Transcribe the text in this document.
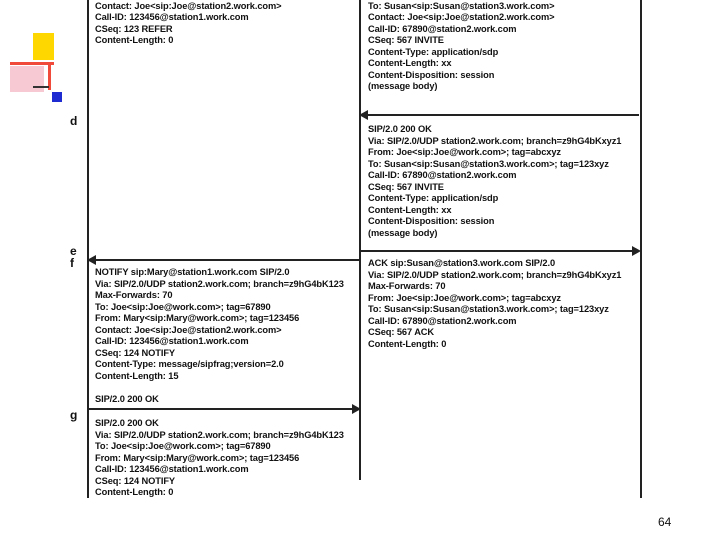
d
e
f
g

Contact: Joe<sip:Joe@station2.work.com>
Call-ID: 123456@station1.work.com
CSeq: 123 REFER
Content-Length: 0

To: Susan<sip:Susan@station3.work.com>
Contact: Joe<sip:Joe@station2.work.com>
Call-ID: 67890@station2.work.com
CSeq: 567 INVITE
Content-Type: application/sdp
Content-Length: xx
Content-Disposition: session
(message body)
SIP/2.0 200 OK
Via: SIP/2.0/UDP station2.work.com; branch=z9hG4bKxyz1
From: Joe<sip:Joe@work.com>; tag=abcxyz
To: Susan<sip:Susan@station3.work.com>; tag=123xyz
Call-ID: 67890@station2.work.com
CSeq: 567 INVITE
Content-Type: application/sdp
Content-Length: xx
Content-Disposition: session
(message body)
NOTIFY sip:Mary@station1.work.com SIP/2.0
Via: SIP/2.0/UDP station2.work.com; branch=z9hG4bK123
Max-Forwards: 70
To: Joe<sip:Joe@work.com>; tag=67890
From: Mary<sip:Mary@work.com>; tag=123456
Contact: Joe<sip:Joe@station2.work.com>
Call-ID: 123456@station1.work.com
CSeq: 124 NOTIFY
Content-Type: message/sipfrag;version=2.0
Content-Length: 15
ACK sip:Susan@station3.work.com SIP/2.0
Via: SIP/2.0/UDP station2.work.com; branch=z9hG4bKxyz1
Max-Forwards: 70
From: Joe<sip:Joe@work.com>; tag=abcxyz
To: Susan<sip:Susan@station3.work.com>; tag=123xyz
Call-ID: 67890@station2.work.com
CSeq: 567 ACK
Content-Length: 0
SIP/2.0 200 OK
SIP/2.0 200 OK
Via: SIP/2.0/UDP station2.work.com; branch=z9hG4bK123
To: Joe<sip:Joe@work.com>; tag=67890
From: Mary<sip:Mary@work.com>; tag=123456
Call-ID: 123456@station1.work.com
CSeq: 124 NOTIFY
Content-Length: 0
64
